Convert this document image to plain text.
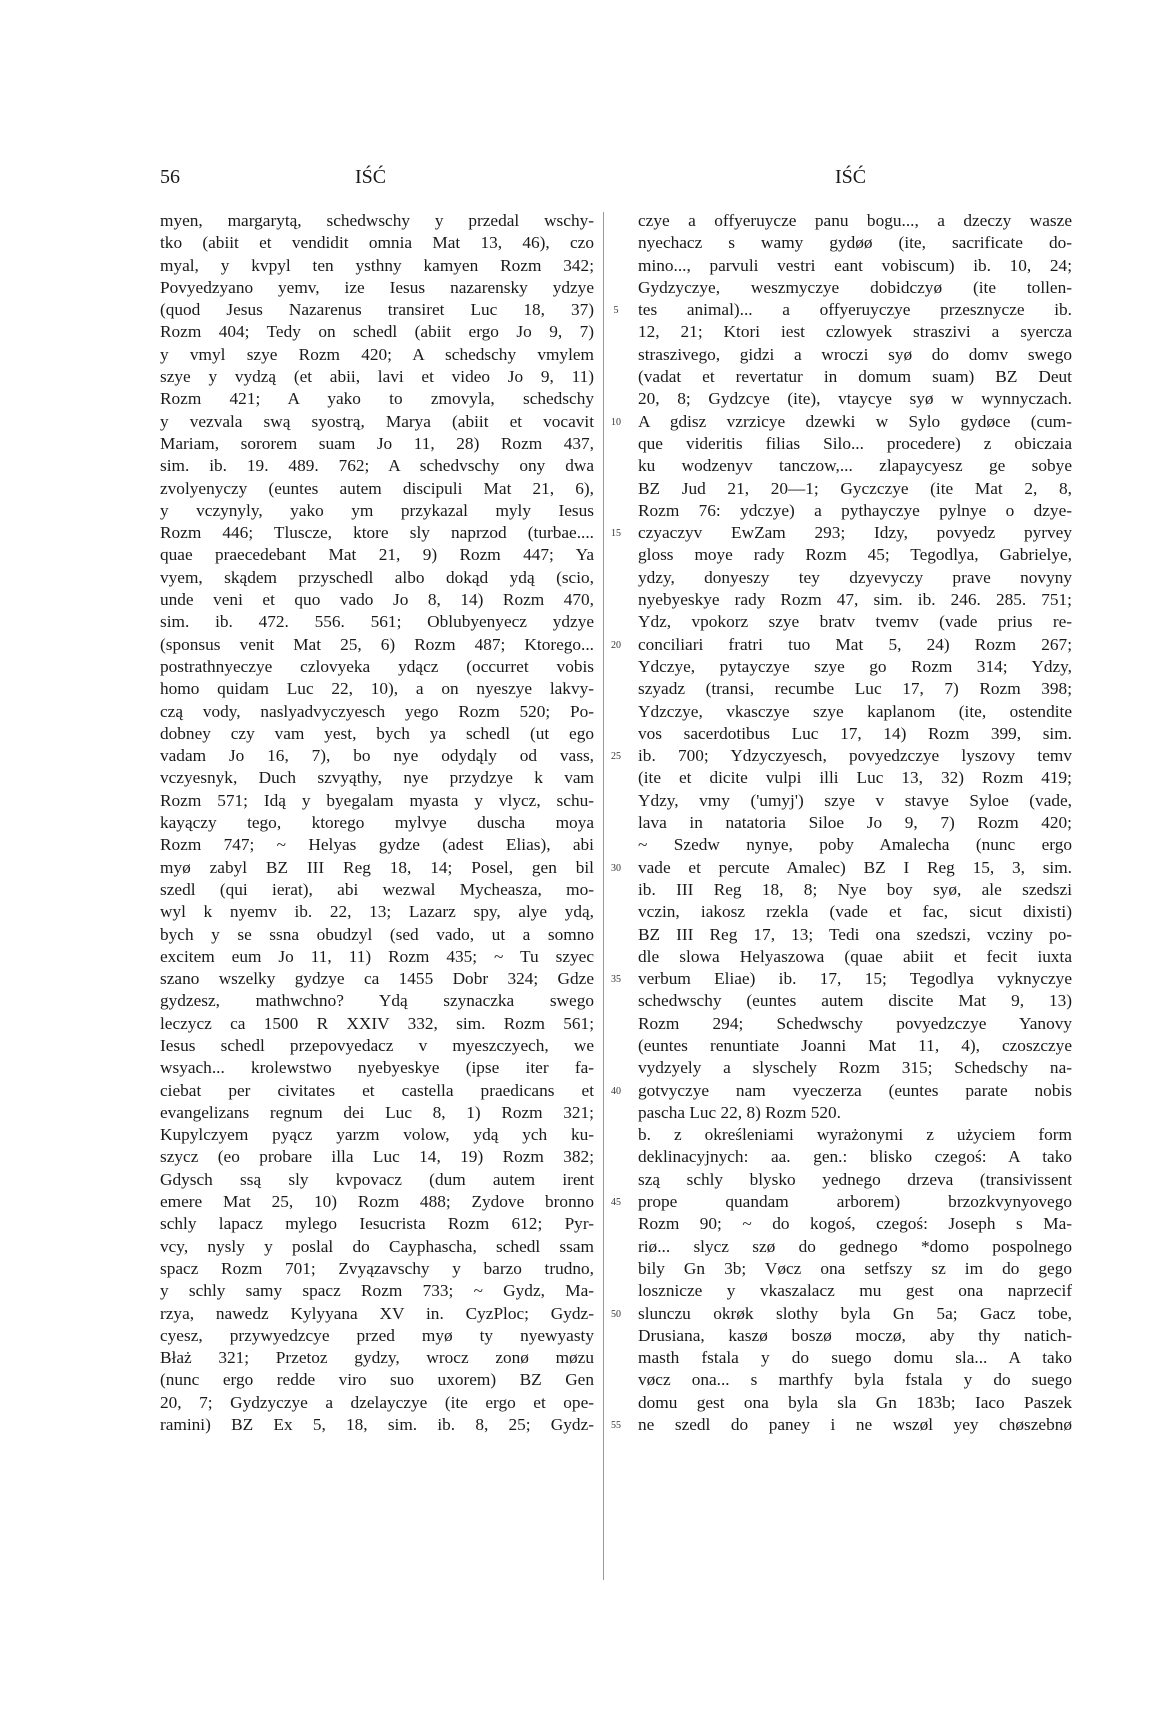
56	IŚĆ	IŚĆ
myen, margarytą, schedwschy y przedal wschy-
tko (abiit et vendidit omnia Mat 13, 46), czo
myal, y kvpyl ten ysthny kamyen Rozm 342;
Povyedzyano yemv, ize Iesus nazarensky ydzye
(quod Jesus Nazarenus transiret Luc 18, 37)
Rozm 404; Tedy on schedl (abiit ergo Jo 9, 7)
y vmyl szye Rozm 420; A schedschy vmylem
szye y vydzą (et abii, lavi et video Jo 9, 11)
Rozm 421; A yako to zmovyla, schedschy
y vezvala swą syostrą, Marya (abiit et vocavit
Mariam, sororem suam Jo 11, 28) Rozm 437,
sim. ib. 19. 489. 762; A schedvschy ony dwa
zvolyenyczy (euntes autem discipuli Mat 21, 6),
y vczynyly, yako ym przykazal myly Iesus
Rozm 446; Tluscze, ktore sly naprzod (turbae....
quae praecedebant Mat 21, 9) Rozm 447; Ya
vyem, skądem przyschedl albo dokąd ydą (scio,
unde veni et quo vado Jo 8, 14) Rozm 470,
sim. ib. 472. 556. 561; Oblubyenyecz ydzye
(sponsus venit Mat 25, 6) Rozm 487; Ktorego...
postrathnyeczye czlovyeka ydącz (occurret vobis
homo quidam Luc 22, 10), a on nyeszye lakvy-
czą vody, naslyadvyczyesch yego Rozm 520; Po-
dobney czy vam yest, bych ya schedl (ut ego
vadam Jo 16, 7), bo nye odydąly od vass,
vczyesnyk, Duch szvyąthy, nye przydzye k vam
Rozm 571; Idą y byegalam myasta y vlycz, schu-
kayączy tego, ktorego mylvye duscha moya
Rozm 747; ~ Helyas gydze (adest Elias), abi
myø zabyl BZ III Reg 18, 14; Posel, gen bil
szedl (qui ierat), abi wezwal Mycheasza, mo-
wyl k nyemv ib. 22, 13; Lazarz spy, alye ydą,
bych y se ssna obudzyl (sed vado, ut a somno
excitem eum Jo 11, 11) Rozm 435; ~ Tu szyec
szano wszelky gydzye ca 1455 Dobr 324; Gdze
gydzesz, mathwchno? Ydą szynaczka swego
leczycz ca 1500 R XXIV 332, sim. Rozm 561;
Iesus schedl przepovyedacz v myeszczyech, we
wsyach... krolewstwo nyebyeskye (ipse iter fa-
ciebat per civitates et castella praedicans et
evangelizans regnum dei Luc 8, 1) Rozm 321;
Kupylczyem pyącz yarzm volow, ydą ych ku-
szycz (eo probare illa Luc 14, 19) Rozm 382;
Gdysch ssą sly kvpovacz (dum autem irent
emere Mat 25, 10) Rozm 488; Zydove bronno
schly lapacz mylego Iesucrista Rozm 612; Pyr-
vcy, nysly y poslal do Cayphascha, schedl ssam
spacz Rozm 701; Zvyązavschy y barzo trudno,
y schly samy spacz Rozm 733; ~ Gydz, Ma-
rzya, nawedz Kylyyana XV in. CyzPloc; Gydz-
cyesz, przywyedzcye przed myø ty nyewyasty
Błaż 321; Przetoz gydzy, wrocz zonø møzu
(nunc ergo redde viro suo uxorem) BZ Gen
20, 7; Gydzyczye a dzelayczye (ite ergo et ope-
ramini) BZ Ex 5, 18, sim. ib. 8, 25; Gydz-
5
10
15
20
25
30
35
40
45
50
55
czye a offyeruycze panu bogu..., a dzeczy wasze
nyechacz s wamy gydøø (ite, sacrificate do-
mino..., parvuli vestri eant vobiscum) ib. 10, 24;
Gydzyczye, weszmyczye dobidczyø (ite tollen-
tes animal)... a offyeruyczye przesznycze ib.
12, 21; Ktori iest czlowyek straszivi a syercza
straszivego, gidzi a wroczi syø do domv swego
(vadat et revertatur in domum suam) BZ Deut
20, 8; Gydzcye (ite), vtaycye syø w wynnyczach.
A gdisz vzrzicye dzewki w Sylo gydøce (cum-
que videritis filias Silo... procedere) z obiczaia
ku wodzenyv tanczow,... zlapaycyesz ge sobye
BZ Jud 21, 20—1; Gyczczye (ite Mat 2, 8,
Rozm 76: ydczye) a pythayczye pylnye o dzye-
czyaczyv EwZam 293; Idzy, povyedz pyrvey
gloss moye rady Rozm 45; Tegodlya, Gabrielye,
ydzy, donyeszy tey dzyevyczy prave novyny
nyebyeskye rady Rozm 47, sim. ib. 246. 285. 751;
Ydz, vpokorz szye bratv tvemv (vade prius re-
conciliari fratri tuo Mat 5, 24) Rozm 267;
Ydczye, pytayczye szye go Rozm 314; Ydzy,
szyadz (transi, recumbe Luc 17, 7) Rozm 398;
Ydzczye, vkasczye szye kaplanom (ite, ostendite
vos sacerdotibus Luc 17, 14) Rozm 399, sim.
ib. 700; Ydzyczyesch, povyedzczye lyszovy temv
(ite et dicite vulpi illi Luc 13, 32) Rozm 419;
Ydzy, vmy ('umyj') szye v stavye Syloe (vade,
lava in natatoria Siloe Jo 9, 7) Rozm 420;
~ Szedw nynye, poby Amalecha (nunc ergo
vade et percute Amalec) BZ I Reg 15, 3, sim.
ib. III Reg 18, 8; Nye boy syø, ale szedszi
vczin, iakosz rzekla (vade et fac, sicut dixisti)
BZ III Reg 17, 13; Tedi ona szedszi, vcziny po-
dle slowa Helyaszowa (quae abiit et fecit iuxta
verbum Eliae) ib. 17, 15; Tegodlya vyknyczye
schedwschy (euntes autem discite Mat 9, 13)
Rozm 294; Schedwschy povyedzczye Yanovy
(euntes renuntiate Joanni Mat 11, 4), czoszczye
vydzyely a slyschely Rozm 315; Schedschy na-
gotvyczye nam vyeczerza (euntes parate nobis
pascha Luc 22, 8) Rozm 520.
b. z określeniami wyrażonymi z użyciem form
deklinacyjnych: aa. gen.: blisko czegoś: A tako
szą schly blysko yednego drzeva (transivissent
prope quandam arborem) brzozkvynyovego
Rozm 90; ~ do kogoś, czegoś: Joseph s Ma-
riø... slycz szø do gednego *domo pospolnego
bily Gn 3b; Vøcz ona setfszy sz im do gego
losznicze y vkaszalacz mu gest ona naprzecif
slunczu okrøk slothy byla Gn 5a; Gacz tobe,
Drusiana, kaszø boszø moczø, aby thy natich-
masth fstala y do suego domu sla... A tako
vøcz ona... s marthfy byla fstala y do suego
domu gest ona byla sla Gn 183b; Iaco Paszek
ne szedl do paney i ne wszøl yey chøszebnø
